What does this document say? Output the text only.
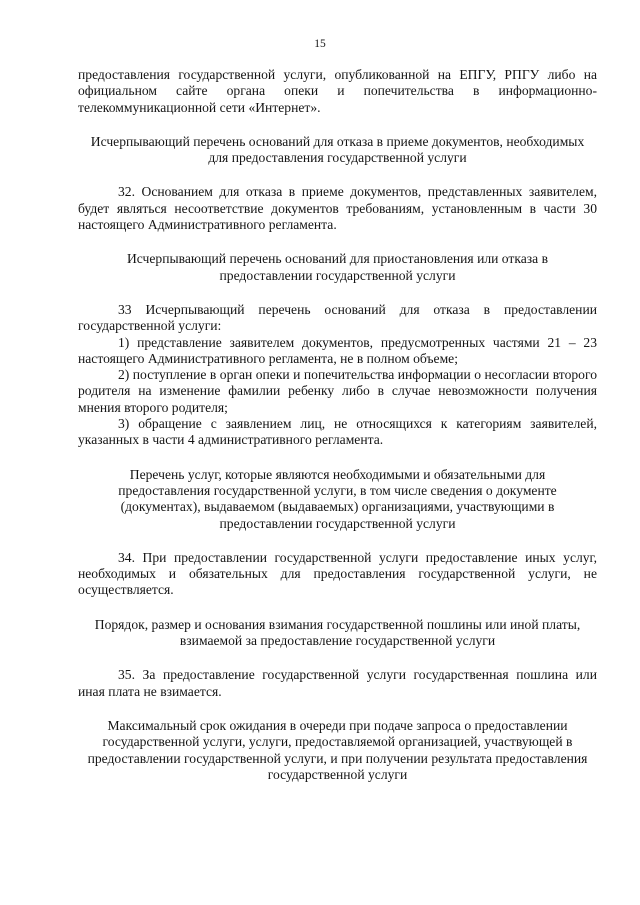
15

предоставления государственной услуги, опубликованной на ЕПГУ, РПГУ либо на официальном сайте органа опеки и попечительства в информационно-телекоммуникационной сети «Интернет».

Исчерпывающий перечень оснований для отказа в приеме документов, необходимых для предоставления государственной услуги

32. Основанием для отказа в приеме документов, представленных заявителем, будет являться несоответствие документов требованиям, установленным в части 30 настоящего Административного регламента.

Исчерпывающий перечень оснований для приостановления или отказа в предоставлении государственной услуги

33 Исчерпывающий перечень оснований для отказа в предоставлении государственной услуги:

1) представление заявителем документов, предусмотренных частями 21 – 23 настоящего Административного регламента, не в полном объеме;

2) поступление в орган опеки и попечительства информации о несогласии второго родителя на изменение фамилии ребенку либо в случае невозможности получения мнения второго родителя;

3) обращение с заявлением лиц, не относящихся к категориям заявителей, указанных в части 4 административного регламента.

Перечень услуг, которые являются необходимыми и обязательными для предоставления государственной услуги, в том числе сведения о документе (документах), выдаваемом (выдаваемых) организациями, участвующими в предоставлении государственной услуги

34. При предоставлении государственной услуги предоставление иных услуг, необходимых и обязательных для предоставления государственной услуги, не осуществляется.

Порядок, размер и основания взимания государственной пошлины или иной платы, взимаемой за предоставление государственной услуги

35. За предоставление государственной услуги государственная пошлина или иная плата не взимается.

Максимальный срок ожидания в очереди при подаче запроса о предоставлении государственной услуги, услуги, предоставляемой организацией, участвующей в предоставлении государственной услуги, и при получении результата предоставления государственной услуги
